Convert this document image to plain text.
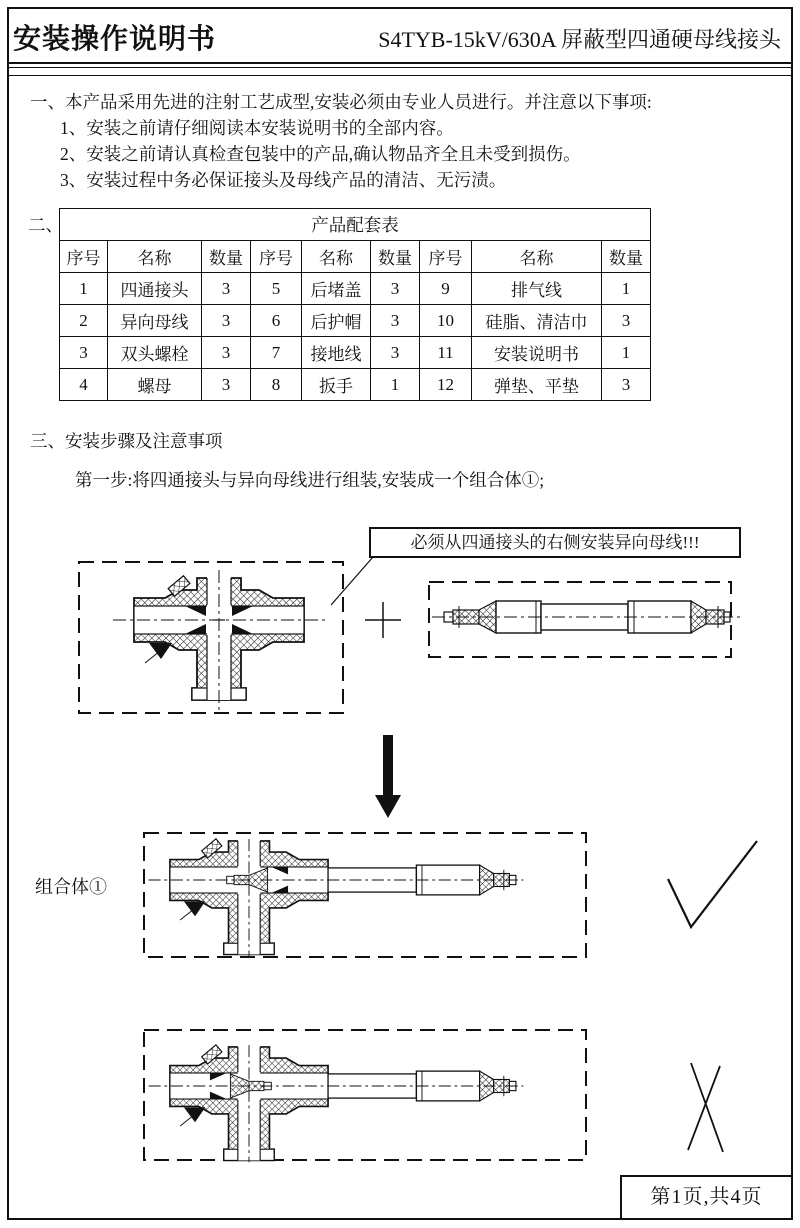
安装操作说明书	S4TYB-15kV/630A 屏蔽型四通硬母线接头
一、本产品采用先进的注射工艺成型,安装必须由专业人员进行。并注意以下事项:
1、安装之前请仔细阅读本安装说明书的全部内容。
2、安装之前请认真检查包装中的产品,确认物品齐全且未受到损伤。
3、安装过程中务必保证接头及母线产品的清洁、无污渍。
二、	产品配套表								
序号	名称	数量	序号	名称	数量	序号	名称	数量
1	四通接头	3	5	后堵盖	3	9	排气线	1
2	异向母线	3	6	后护帽	3	10	硅脂、清洁巾	3
3	双头螺栓	3	7	接地线	3	11	安装说明书	1
4	螺母	3	8	扳手	1	12	弹垫、平垫	3
三、安装步骤及注意事项
第一步:将四通接头与异向母线进行组装,安装成一个组合体①;
必须从四通接头的右侧安装异向母线!!!
组合体①
第1页,共4页
